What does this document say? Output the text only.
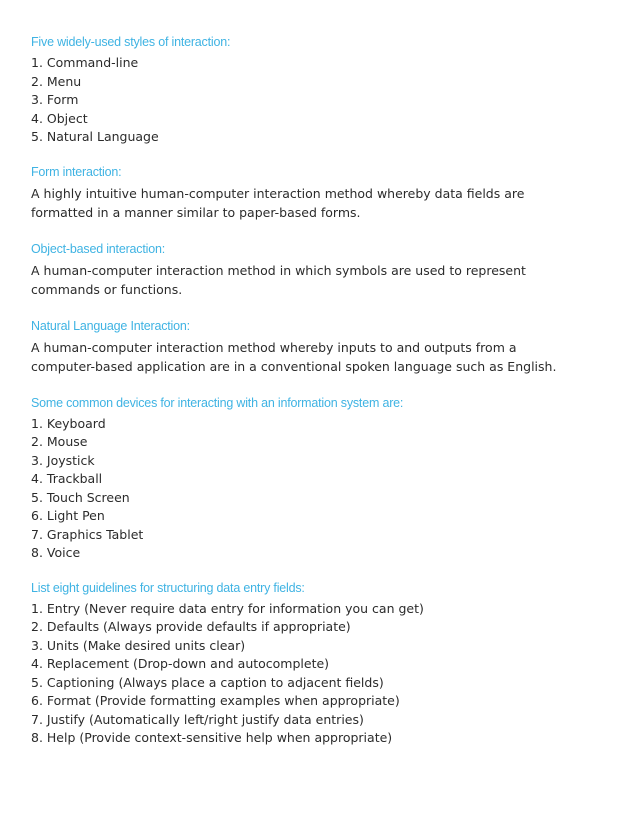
Five widely-used styles of interaction:
1. Command-line
2. Menu
3. Form
4. Object
5. Natural Language
Form interaction:

A highly intuitive human-computer interaction method whereby data fields are formatted in a manner similar to paper-based forms.

Object-based interaction:

A human-computer interaction method in which symbols are used to represent commands or functions.

Natural Language Interaction:

A human-computer interaction method whereby inputs to and outputs from a computer-based application are in a conventional spoken language such as English.

Some common devices for interacting with an information system are:
1. Keyboard
2. Mouse
3. Joystick
4. Trackball
5. Touch Screen
6. Light Pen
7. Graphics Tablet
8. Voice
List eight guidelines for structuring data entry fields:
1. Entry (Never require data entry for information you can get)
2. Defaults (Always provide defaults if appropriate)
3. Units (Make desired units clear)
4. Replacement (Drop-down and autocomplete)
5. Captioning (Always place a caption to adjacent fields)
6. Format (Provide formatting examples when appropriate)
7. Justify (Automatically left/right justify data entries)
8. Help (Provide context-sensitive help when appropriate)
